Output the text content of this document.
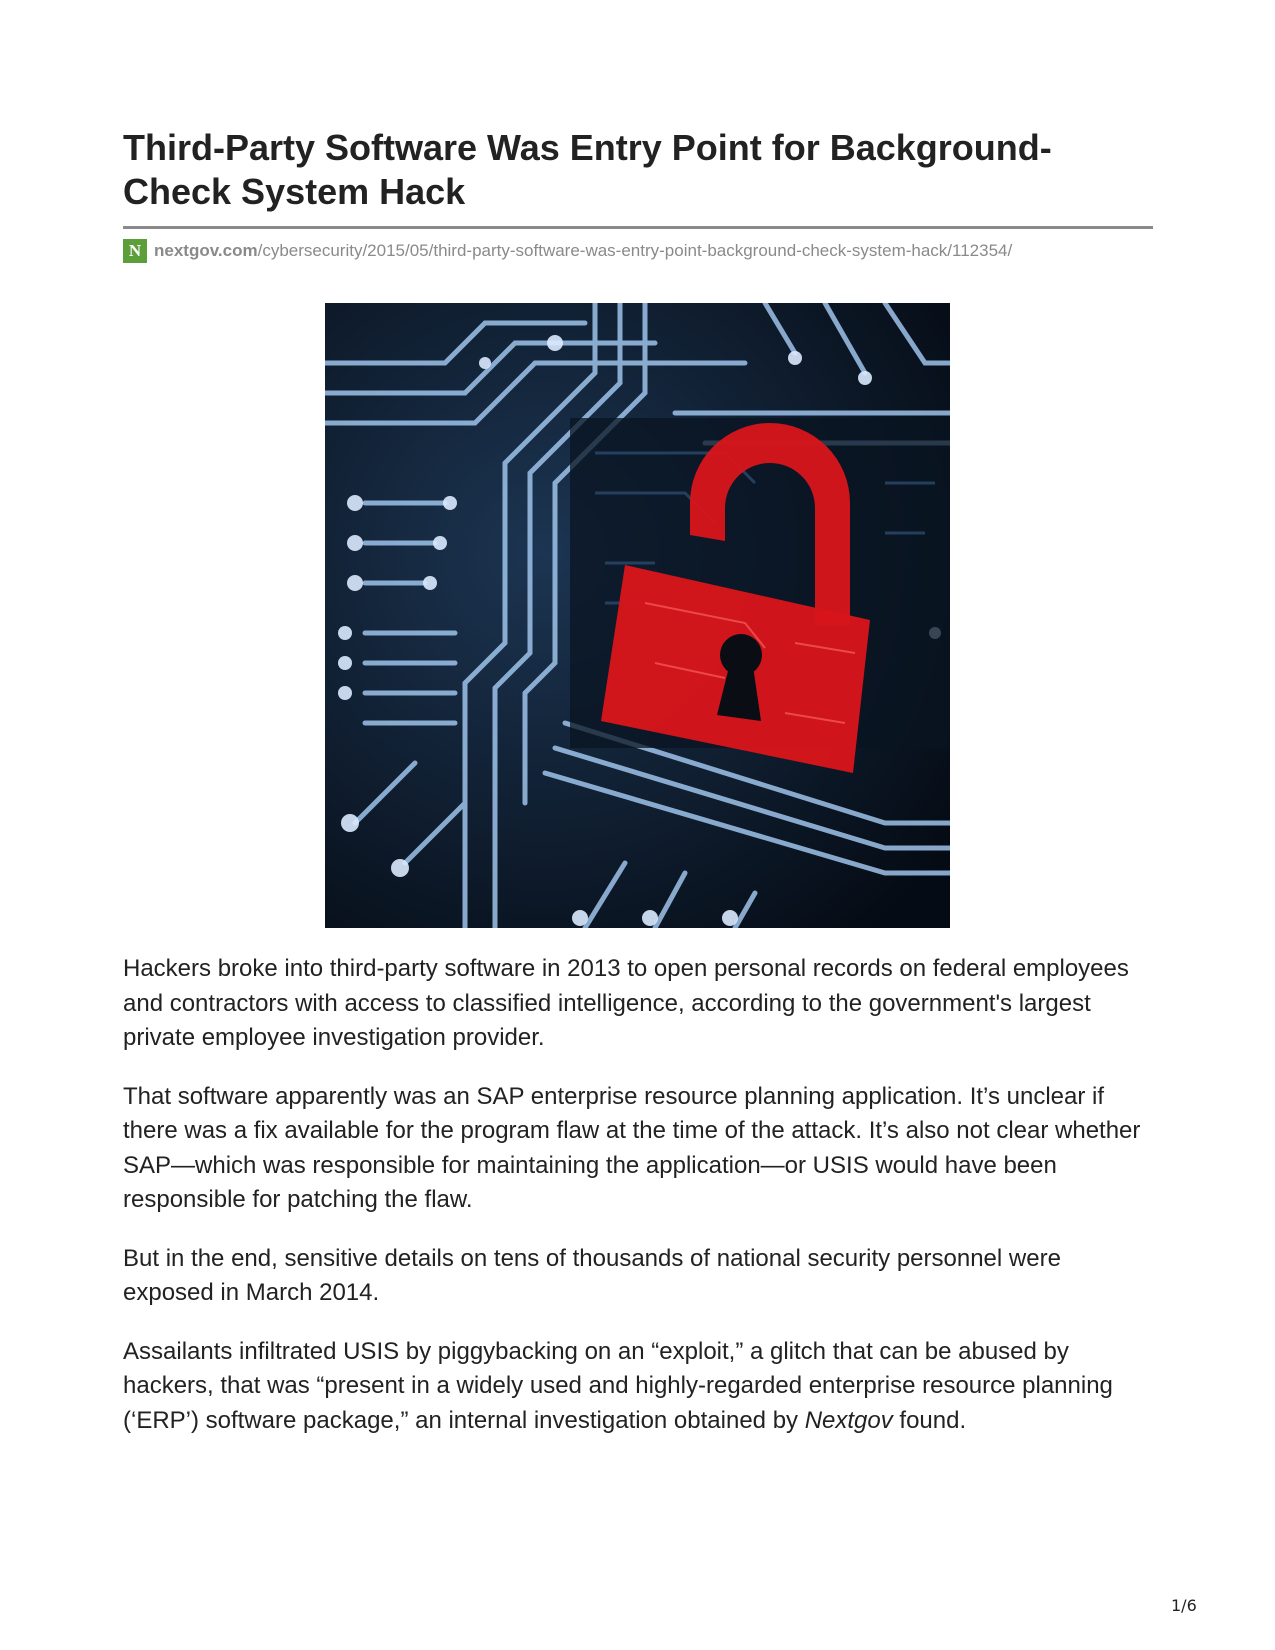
Third-Party Software Was Entry Point for Background-Check System Hack
N nextgov.com /cybersecurity/2015/05/third-party-software-was-entry-point-background-check-system-hack/112354/

Hackers broke into third-party software in 2013 to open personal records on federal employees and contractors with access to classified intelligence, according to the government's largest private employee investigation provider.

That software apparently was an SAP enterprise resource planning application. It’s unclear if there was a fix available for the program flaw at the time of the attack. It’s also not clear whether SAP—which was responsible for maintaining the application—or USIS would have been responsible for patching the flaw.

But in the end, sensitive details on tens of thousands of national security personnel were exposed in March 2014.

Assailants infiltrated USIS by piggybacking on an “exploit,” a glitch that can be abused by hackers, that was “present in a widely used and highly-regarded enterprise resource planning (‘ERP’) software package,” an internal investigation obtained by Nextgov found.

1/6
